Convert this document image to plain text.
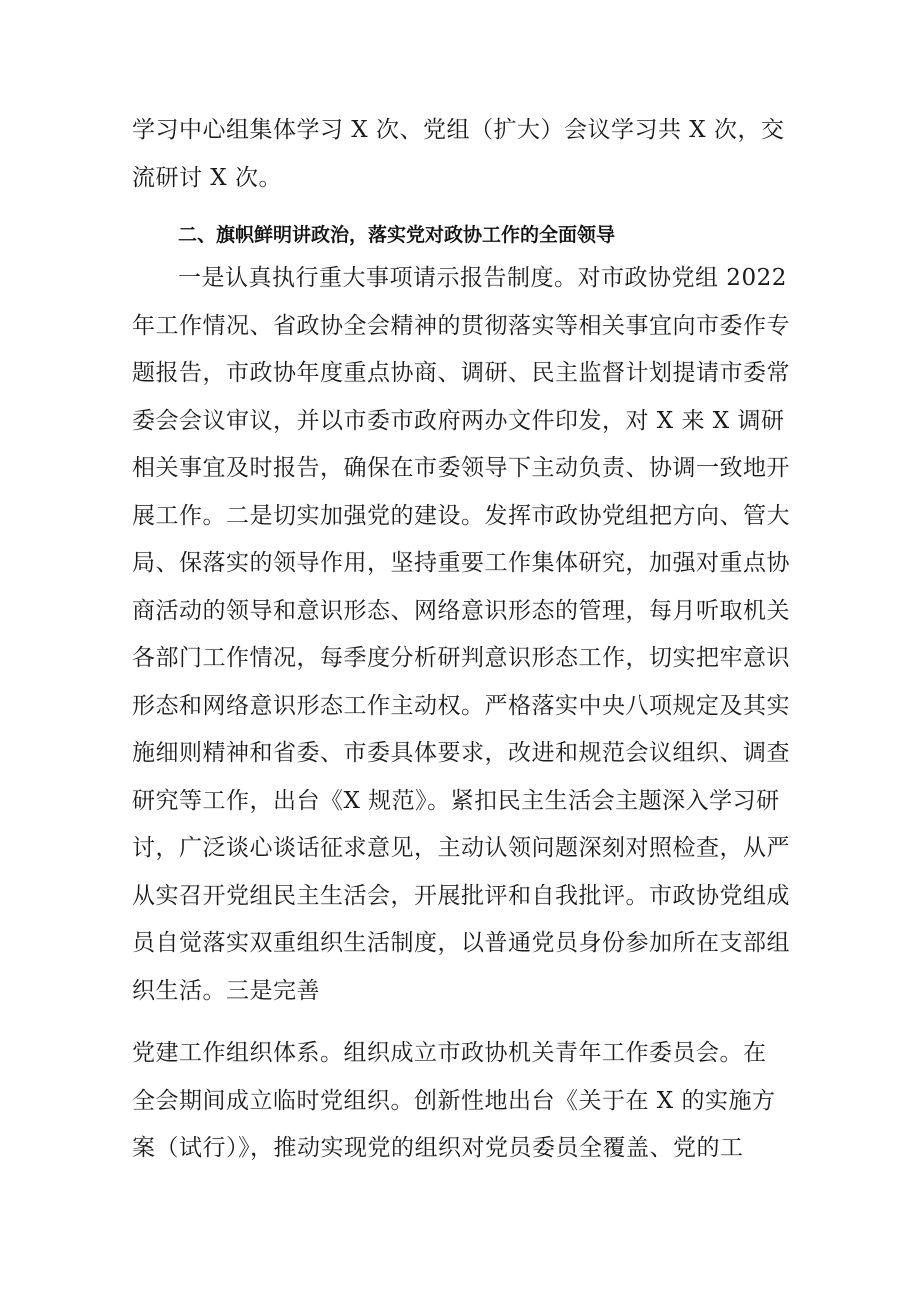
学习中心组集体学习 X 次、党组（扩大）会议学习共 X 次，交
流研讨 X 次。
二、旗帜鲜明讲政治，落实党对政协工作的全面领导
一是认真执行重大事项请示报告制度。对市政协党组 2022
年工作情况、省政协全会精神的贯彻落实等相关事宜向市委作专
题报告，市政协年度重点协商、调研、民主监督计划提请市委常
委会会议审议，并以市委市政府两办文件印发，对 X 来 X 调研
相关事宜及时报告，确保在市委领导下主动负责、协调一致地开
展工作。二是切实加强党的建设。发挥市政协党组把方向、管大
局、保落实的领导作用，坚持重要工作集体研究，加强对重点协
商活动的领导和意识形态、网络意识形态的管理，每月听取机关
各部门工作情况，每季度分析研判意识形态工作，切实把牢意识
形态和网络意识形态工作主动权。严格落实中央八项规定及其实
施细则精神和省委、市委具体要求，改进和规范会议组织、调查
研究等工作，出台《X 规范》。紧扣民主生活会主题深入学习研
讨，广泛谈心谈话征求意见，主动认领问题深刻对照检查，从严
从实召开党组民主生活会，开展批评和自我批评。市政协党组成
员自觉落实双重组织生活制度，以普通党员身份参加所在支部组
织生活。三是完善
党建工作组织体系。组织成立市政协机关青年工作委员会。在
全会期间成立临时党组织。创新性地出台《关于在 X 的实施方
案（试行）》，推动实现党的组织对党员委员全覆盖、党的工
